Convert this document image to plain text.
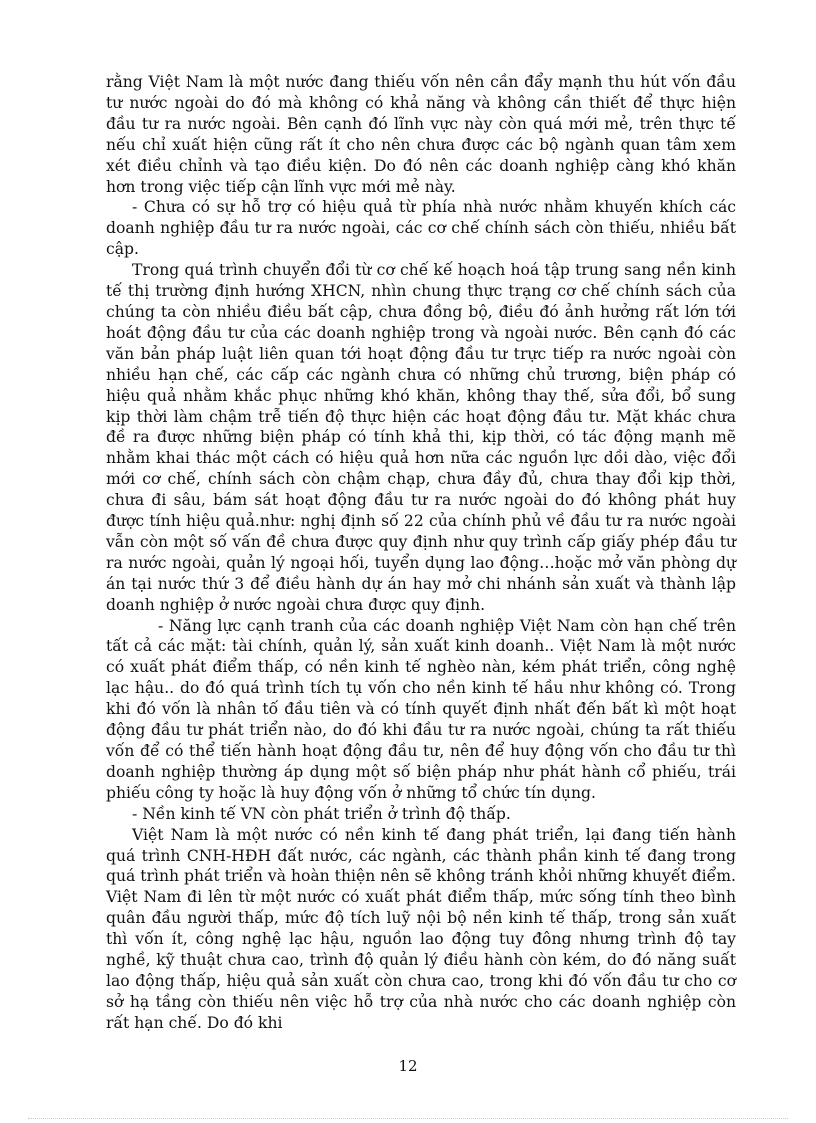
rằng Việt Nam là một nước đang thiếu vốn nên cần đẩy mạnh thu hút vốn đầu tư nước ngoài do đó mà không có khả năng và không cần thiết để thực hiện đầu tư ra nước ngoài. Bên cạnh đó lĩnh vực này còn quá mới mẻ, trên thực tế nếu chỉ xuất hiện cũng rất ít cho nên chưa được các bộ ngành quan tâm xem xét điều chỉnh và tạo điều kiện. Do đó nên các doanh nghiệp càng khó khăn hơn trong việc tiếp cận lĩnh vực mới mẻ này.

- Chưa có sự hỗ trợ có hiệu quả từ phía nhà nước nhằm khuyến khích các doanh nghiệp đầu tư ra nước ngoài, các cơ chế chính sách còn thiếu, nhiều bất cập.

Trong quá trình chuyển đổi từ cơ chế kế hoạch hoá tập trung sang nền kinh tế thị trường định hướng XHCN, nhìn chung thực trạng cơ chế chính sách của chúng ta còn nhiều điều bất cập, chưa đồng bộ, điều đó ảnh hưởng rất lớn tới hoát động đầu tư của các doanh nghiệp trong và ngoài nước. Bên cạnh đó các văn bản pháp luật liên quan tới hoạt động đầu tư trực tiếp ra nước ngoài còn nhiều hạn chế, các cấp các ngành chưa có những chủ trương, biện pháp có hiệu quả nhằm khắc phục những khó khăn, không thay thế, sửa đổi, bổ sung kịp thời làm chậm trễ tiến độ thực hiện các hoạt động đầu tư. Mặt khác chưa đề ra được những biện pháp có tính khả thi, kịp thời, có tác động mạnh mẽ nhằm khai thác một cách có hiệu quả hơn nữa các nguồn lực dồi dào, việc đổi mới cơ chế, chính sách còn chậm chạp, chưa đầy đủ, chưa thay đổi kịp thời, chưa đi sâu, bám sát hoạt động đầu tư ra nước ngoài do đó không phát huy được tính hiệu quả.như: nghị định số 22 của chính phủ về đầu tư ra nước ngoài vẫn còn một số vấn đề chưa được quy định như quy trình cấp giấy phép đầu tư ra nước ngoài, quản lý ngoại hối, tuyển dụng lao động…hoặc mở văn phòng dự án tại nước thứ 3 để điều hành dự án hay mở chi nhánh sản xuất và thành lập doanh nghiệp ở nước ngoài chưa được quy định.

- Năng lực cạnh tranh của các doanh nghiệp Việt Nam còn hạn chế trên tất cả các mặt: tài chính, quản lý, sản xuất kinh doanh.. Việt Nam là một nước có xuất phát điểm thấp, có nền kinh tế nghèo nàn, kém phát triển, công nghệ lạc hậu.. do đó quá trình tích tụ vốn cho nền kinh tế hầu như không có. Trong khi đó vốn là nhân tố đầu tiên và có tính quyết định nhất đến bất kì một hoạt động đầu tư phát triển nào, do đó khi đầu tư ra nước ngoài, chúng ta rất thiếu vốn để có thể tiến hành hoạt động đầu tư, nên để huy động vốn cho đầu tư thì doanh nghiệp thường áp dụng một số biện pháp như phát hành cổ phiếu, trái phiếu công ty hoặc là huy động vốn ở những tổ chức tín dụng.

- Nền kinh tế VN còn phát triển ở trình độ thấp.

Việt Nam là một nước có nền kinh tế đang phát triển, lại đang tiến hành quá trình CNH-HĐH đất nước, các ngành, các thành phần kinh tế đang trong quá trình phát triển và hoàn thiện nên sẽ không tránh khỏi những khuyết điểm. Việt Nam đi lên từ một nước có xuất phát điểm thấp, mức sống tính theo bình quân đầu người thấp, mức độ tích luỹ nội bộ nền kinh tế thấp, trong sản xuất thì vốn ít, công nghệ lạc hậu, nguồn lao động tuy đông nhưng trình độ tay nghề, kỹ thuật chưa cao, trình độ quản lý điều hành còn kém, do đó năng suất lao động thấp, hiệu quả sản xuất còn chưa cao, trong khi đó vốn đầu tư cho cơ sở hạ tầng còn thiếu nên việc hỗ trợ của nhà nước cho các doanh nghiệp còn rất hạn chế. Do đó khi

12
